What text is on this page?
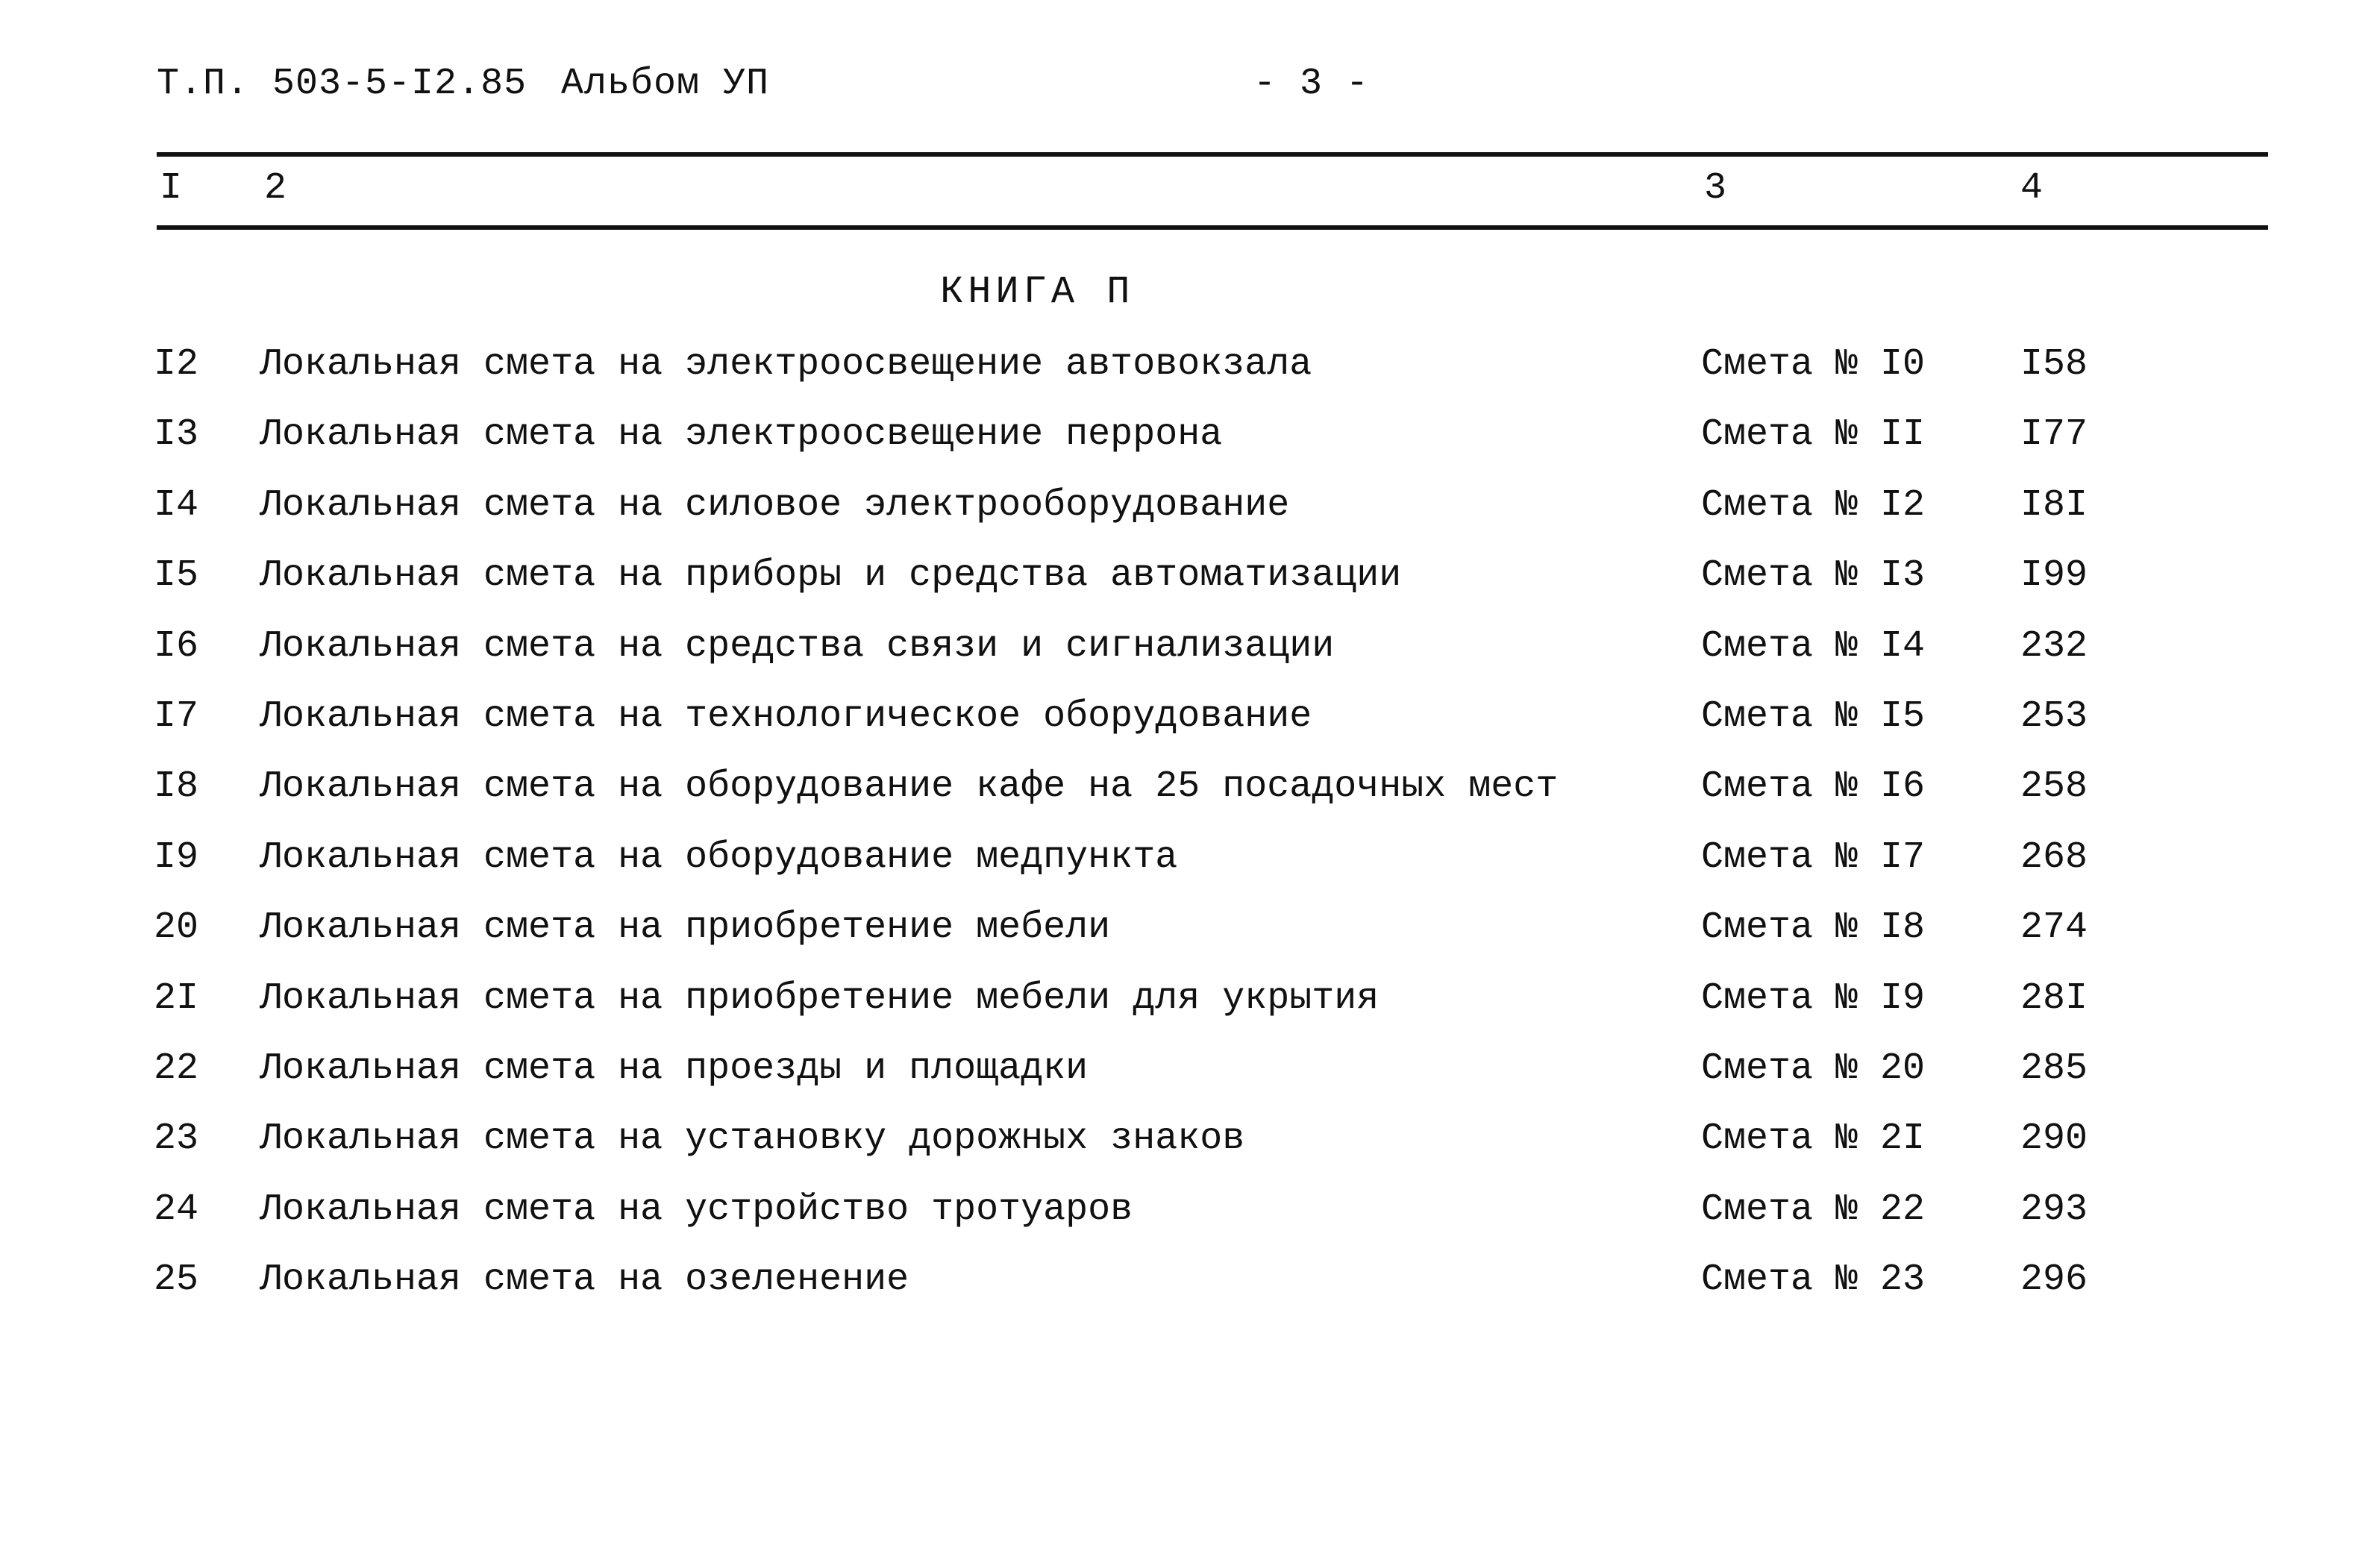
Т.П. 503-5-I2.85 Альбом УП	- 3 -
I 2	3	4
КНИГА П
I2 Локальная смета на электроосвещение автовокзала	Смета № I0	I58
I3 Локальная смета на электроосвещение перрона	Смета № II	I77
I4 Локальная смета на силовое электрооборудование	Смета № I2	I8I
I5 Локальная смета на приборы и средства автоматизации	Смета № I3	I99
I6 Локальная смета на средства связи и сигнализации	Смета № I4	232
I7 Локальная смета на технологическое оборудование	Смета № I5	253
I8 Локальная смета на оборудование кафе на 25 посадочных мест	Смета № I6	258
I9 Локальная смета на оборудование медпункта	Смета № I7	268
20 Локальная смета на приобретение мебели	Смета № I8	274
2I Локальная смета на приобретение мебели для укрытия	Смета № I9	28I
22 Локальная смета на проезды и площадки	Смета № 20	285
23 Локальная смета на установку дорожных знаков	Смета № 2I	290
24 Локальная смета на устройство тротуаров	Смета № 22	293
25 Локальная смета на озеленение	Смета № 23	296
